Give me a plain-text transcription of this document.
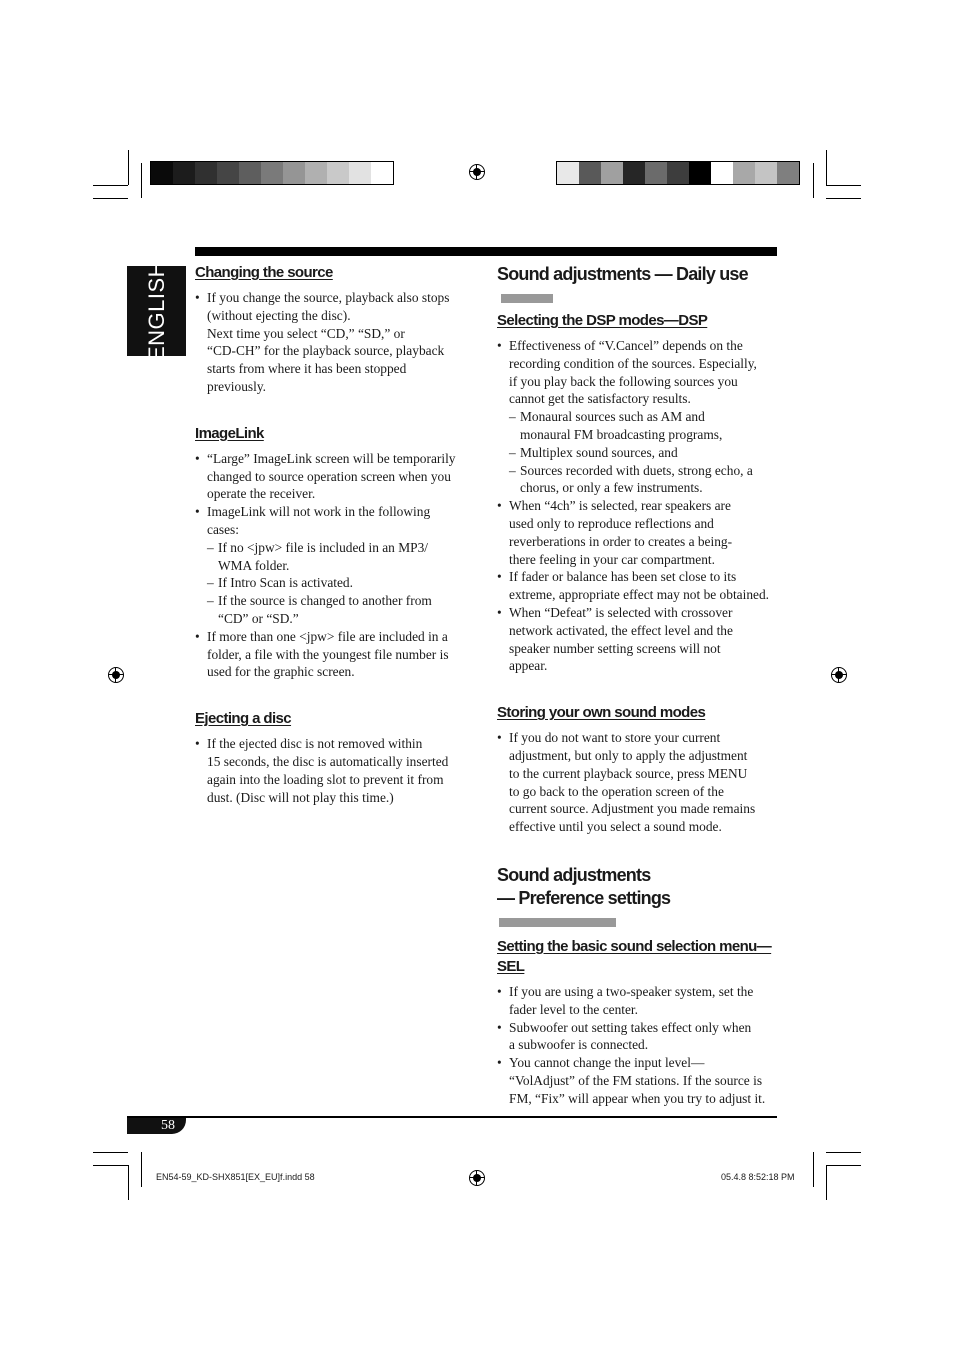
ENGLISH Changing the source
• If you change the source, playback also stops
(without ejecting the disc).
Next time you select “CD,” “SD,” or
“CD-CH” for the playback source, playback
starts from where it has been stopped
previously.
ImageLink
• “Large” ImageLink screen will be temporarily
changed to source operation screen when you
operate the receiver.
• ImageLink will not work in the following
cases:
– If no <jpw> file is included in an MP3/
WMA folder.
– If Intro Scan is activated.
– If the source is changed to another from
“CD” or “SD.”
• If more than one <jpw> file are included in a
folder, a file with the youngest file number is
used for the graphic screen.
Ejecting a disc
• If the ejected disc is not removed within
15 seconds, the disc is automatically inserted
again into the loading slot to prevent it from
dust. (Disc will not play this time.)
Sound adjustments — Daily use
Selecting the DSP modes—DSP
• Effectiveness of “V.Cancel” depends on the
recording condition of the sources. Especially,
if you play back the following sources you
cannot get the satisfactory results.
– Monaural sources such as AM and
monaural FM broadcasting programs,
– Multiplex sound sources, and
– Sources recorded with duets, strong echo, a
chorus, or only a few instruments.
• When “4ch” is selected, rear speakers are
used only to reproduce reflections and
reverberations in order to creates a being-
there feeling in your car compartment.
• If fader or balance has been set close to its
extreme, appropriate effect may not be obtained.
• When “Defeat” is selected with crossover
network activated, the effect level and the
speaker number setting screens will not
appear.
Storing your own sound modes
• If you do not want to store your current
adjustment, but only to apply the adjustment
to the current playback source, press MENU
to go back to the operation screen of the
current source. Adjustment you made remains
effective until you select a sound mode.
Sound adjustments
— Preference settings
Setting the basic sound selection menu—SEL
• If you are using a two-speaker system, set the
fader level to the center.
• Subwoofer out setting takes effect only when
a subwoofer is connected.
• You cannot change the input level—
“VolAdjust” of the FM stations. If the source is
FM, “Fix” will appear when you try to adjust it.
58
EN54-59_KD-SHX851[EX_EU]f.indd 58	05.4.8 8:52:18 PM
